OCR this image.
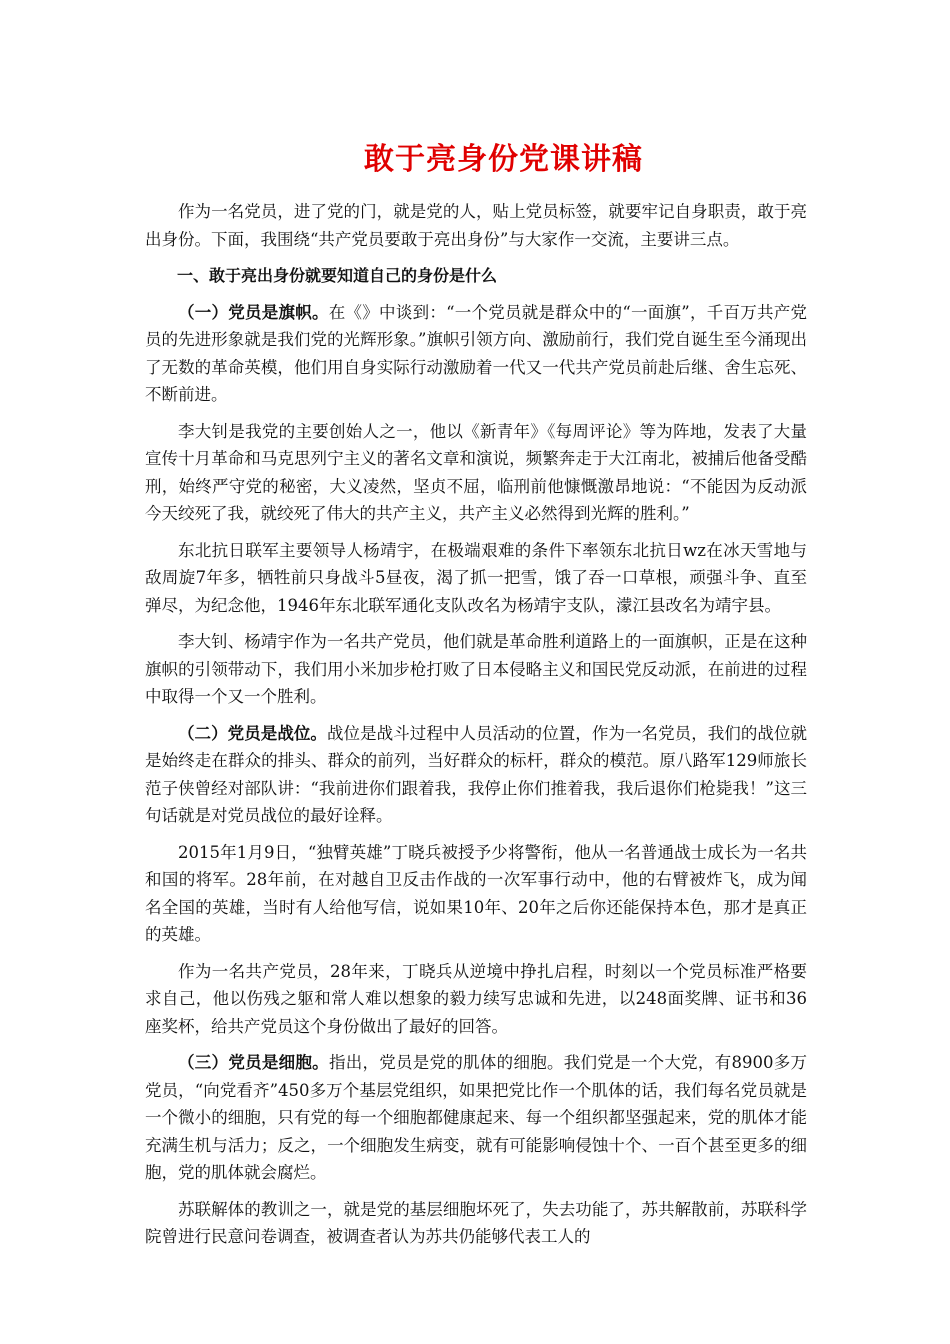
敢于亮身份党课讲稿

作为一名党员，进了党的门，就是党的人，贴上党员标签，就要牢记自身职责，敢于亮出身份。下面，我围绕“共产党员要敢于亮出身份”与大家作一交流，主要讲三点。

一、敢于亮出身份就要知道自己的身份是什么

（一）党员是旗帜。在《》中谈到：“一个党员就是群众中的“一面旗”，千百万共产党员的先进形象就是我们党的光辉形象。”旗帜引领方向、激励前行，我们党自诞生至今涌现出了无数的革命英模，他们用自身实际行动激励着一代又一代共产党员前赴后继、舍生忘死、不断前进。

李大钊是我党的主要创始人之一，他以《新青年》《每周评论》等为阵地，发表了大量宣传十月革命和马克思列宁主义的著名文章和演说，频繁奔走于大江南北，被捕后他备受酷刑，始终严守党的秘密，大义凌然，坚贞不屈，临刑前他慷慨激昂地说：“不能因为反动派今天绞死了我，就绞死了伟大的共产主义，共产主义必然得到光辉的胜利。”

东北抗日联军主要领导人杨靖宇，在极端艰难的条件下率领东北抗日wz在冰天雪地与敌周旋7年多，牺牲前只身战斗5昼夜，渴了抓一把雪，饿了吞一口草根，顽强斗争、直至弹尽，为纪念他，1946年东北联军通化支队改名为杨靖宇支队，濛江县改名为靖宇县。

李大钊、杨靖宇作为一名共产党员，他们就是革命胜利道路上的一面旗帜，正是在这种旗帜的引领带动下，我们用小米加步枪打败了日本侵略主义和国民党反动派，在前进的过程中取得一个又一个胜利。

（二）党员是战位。战位是战斗过程中人员活动的位置，作为一名党员，我们的战位就是始终走在群众的排头、群众的前列，当好群众的标杆，群众的模范。原八路军129师旅长范子侠曾经对部队讲：“我前进你们跟着我，我停止你们推着我，我后退你们枪毙我！”这三句话就是对党员战位的最好诠释。

2015年1月9日，“独臂英雄”丁晓兵被授予少将警衔，他从一名普通战士成长为一名共和国的将军。28年前，在对越自卫反击作战的一次军事行动中，他的右臂被炸飞，成为闻名全国的英雄，当时有人给他写信，说如果10年、20年之后你还能保持本色，那才是真正的英雄。

作为一名共产党员，28年来，丁晓兵从逆境中挣扎启程，时刻以一个党员标准严格要求自己，他以伤残之躯和常人难以想象的毅力续写忠诚和先进，以248面奖牌、证书和36座奖杯，给共产党员这个身份做出了最好的回答。

（三）党员是细胞。指出，党员是党的肌体的细胞。我们党是一个大党，有8900多万党员，“向党看齐”450多万个基层党组织，如果把党比作一个肌体的话，我们每名党员就是一个微小的细胞，只有党的每一个细胞都健康起来、每一个组织都坚强起来，党的肌体才能充满生机与活力；反之，一个细胞发生病变，就有可能影响侵蚀十个、一百个甚至更多的细胞，党的肌体就会腐烂。

苏联解体的教训之一，就是党的基层细胞坏死了，失去功能了，苏共解散前，苏联科学院曾进行民意问卷调查，被调查者认为苏共仍能够代表工人的
